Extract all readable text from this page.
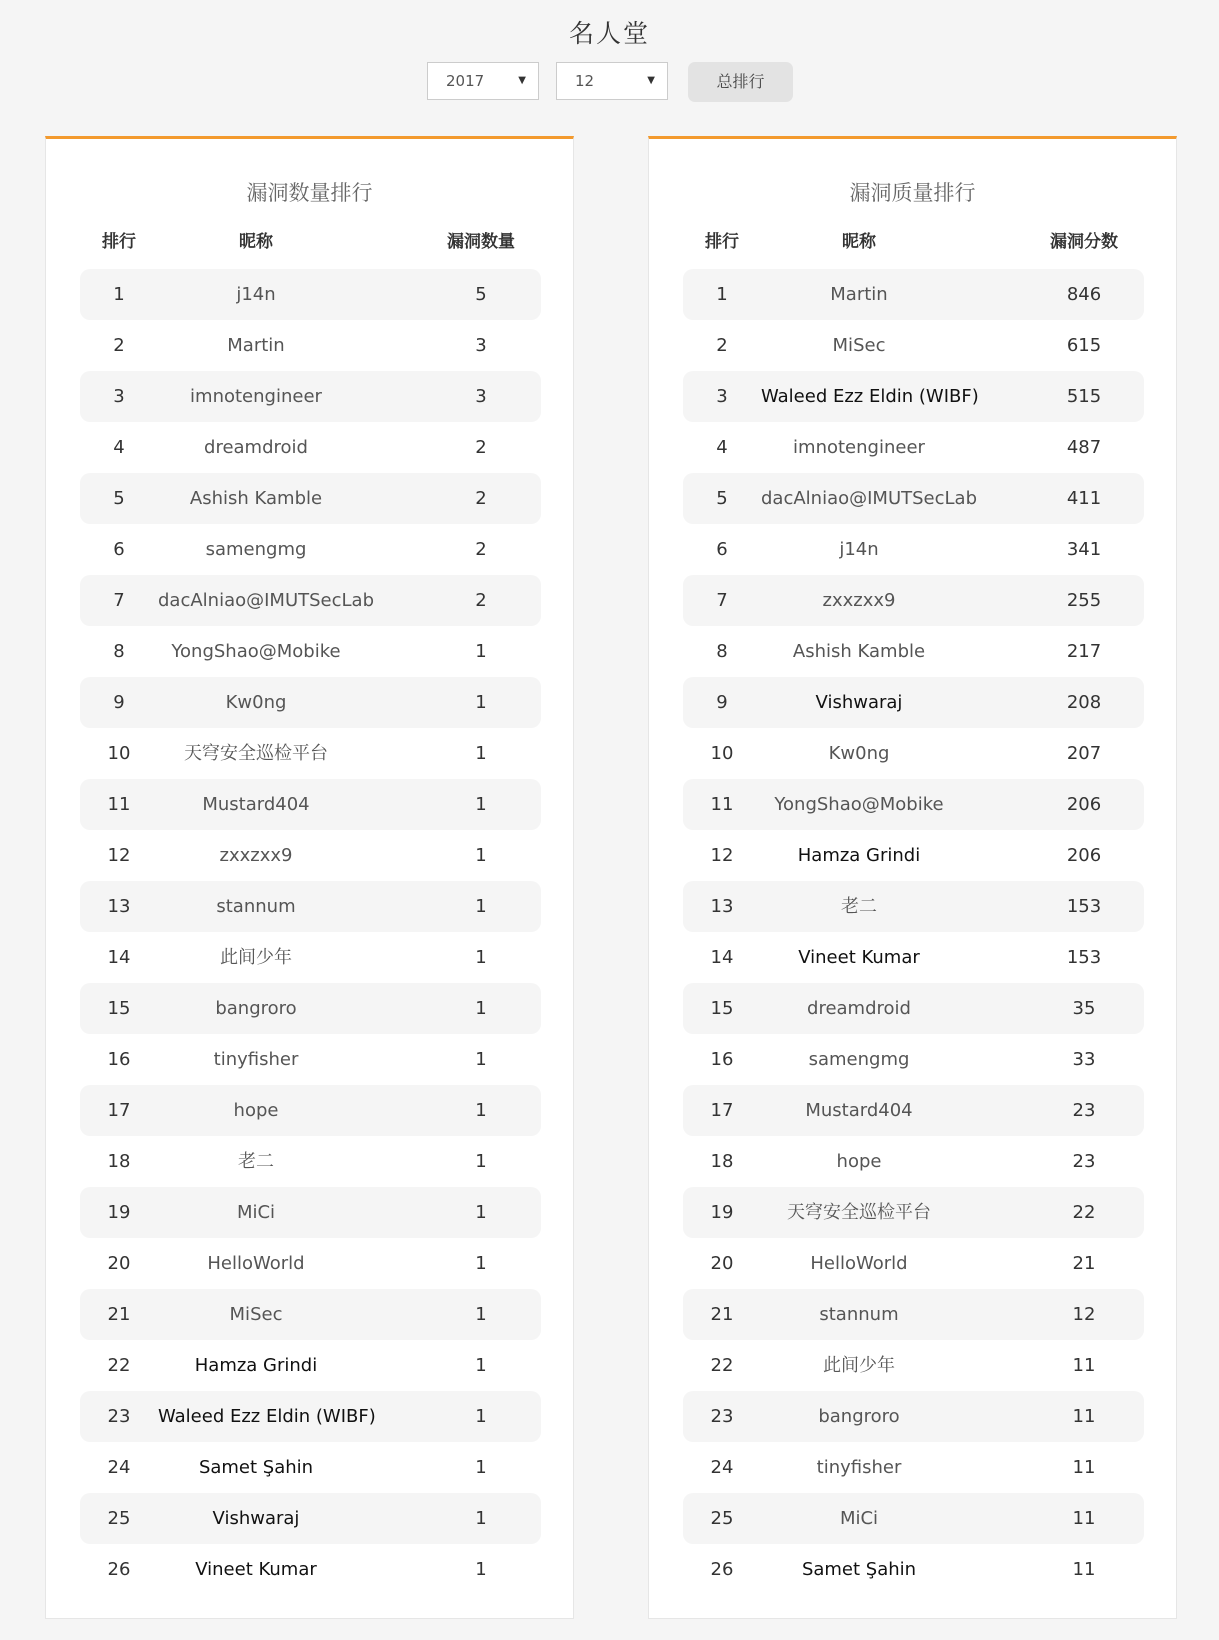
名人堂
2017	▼	12	▼	总排行
漏洞数量排行
排行	昵称	漏洞数量
1	j14n	5
2	Martin	3
3	imnotengineer	3
4	dreamdroid	2
5	Ashish Kamble	2
6	samengmg	2
7	dacAlniao@IMUTSecLab	2
8	YongShao@Mobike	1
9	Kw0ng	1
10	天穹安全巡检平台	1
11	Mustard404	1
12	zxxzxx9	1
13	stannum	1
14	此间少年	1
15	bangroro	1
16	tinyfisher	1
17	hope	1
18	老二	1
19	MiCi	1
20	HelloWorld	1
21	MiSec	1
22	Hamza Grindi	1
23	Waleed Ezz Eldin (WIBF)	1
24	Samet Şahin	1
25	Vishwaraj	1
26	Vineet Kumar	1
漏洞质量排行
排行	昵称	漏洞分数
1	Martin	846
2	MiSec	615
3	Waleed Ezz Eldin (WIBF)	515
4	imnotengineer	487
5	dacAlniao@IMUTSecLab	411
6	j14n	341
7	zxxzxx9	255
8	Ashish Kamble	217
9	Vishwaraj	208
10	Kw0ng	207
11	YongShao@Mobike	206
12	Hamza Grindi	206
13	老二	153
14	Vineet Kumar	153
15	dreamdroid	35
16	samengmg	33
17	Mustard404	23
18	hope	23
19	天穹安全巡检平台	22
20	HelloWorld	21
21	stannum	12
22	此间少年	11
23	bangroro	11
24	tinyfisher	11
25	MiCi	11
26	Samet Şahin	11
